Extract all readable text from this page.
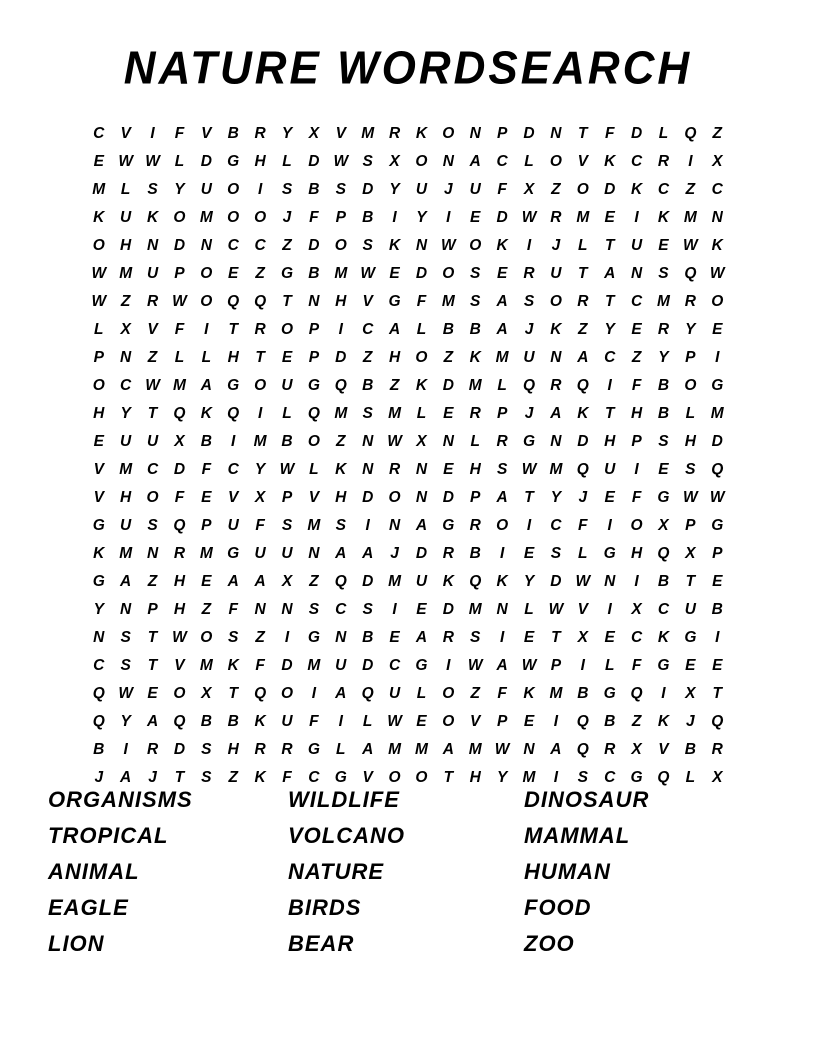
NATURE WORDSEARCH
C	V	I	F	V	B	R	Y	X	V M R	K O N	P	D	N	T	F	D	L	Q	Z
E W W L	D G H	L	D W S	X	O N	A	C	L	O	V	K	C	R	I	X
M	L	S	Y	U O	I	S	B	S	D	Y	U	J	U	F	X	Z	O D	K	C	Z	C
K	U	K O M O O	J	F	P	B	I	Y	I	E	D W R M E	I	K M N
O H	N	D	N	C	C	Z	D O	S	K	N W O K	I	J	L	T	U	E W K
W M U	P	O	E	Z	G B M W E	D O	S	E	R	U	T	A	N	S	Q W
W Z	R W O Q Q	T	N	H	V	G	F	M S	A	S	O R	T	C M R O
L	X	V	F	I	T	R O	P	I	C	A	L	B	B	A	J	K	Z	Y	E	R	Y	E
P	N	Z	L	L	H	T	E	P	D	Z	H O	Z	K M U	N	A	C	Z	Y	P	I
O C W M A G O U G Q B	Z	K	D M	L	Q R Q	I	F	B O G
H	Y	T	Q K Q	I	L	Q M S M	L	E	R	P	J	A	K	T	H	B	L	M
E	U	U	X	B	I	M B O	Z	N W X	N	L	R G N	D	H	P	S	H	D
V M C	D	F	C	Y W L	K	N	R	N	E	H	S W M Q U	I	E	S	Q
V	H O	F	E	V	X	P	V	H	D O N	D	P	A	T	Y	J	E	F	G W W
G U	S	Q	P	U	F	S M S	I	N	A G R O	I	C	F	I	O	X	P	G
K M N	R M G U	U	N	A	A	J	D	R	B	I	E	S	L	G H Q	X	P
G A	Z	H	E	A	A	X	Z	Q D M U	K Q K	Y	D W N	I	B	T	E
Y	N	P	H	Z	F	N	N	S	C	S	I	E	D M N	L W V	I	X	C	U	B
N	S	T W O	S	Z	I	G N	B	E	A	R	S	I	E	T	X	E	C	K G	I
C	S	T	V M K	F	D M U	D	C G	I	W A W P	I	L	F	G	E	E
Q W E	O	X	T	Q O	I	A Q U	L	O	Z	F	K M B G Q	I	X	T
Q	Y	A Q B	B	K	U	F	I	L W E	O	V	P	E	I	Q B	Z	K	J	Q
B	I	R	D	S	H	R	R G	L	A M M A M W N	A Q R	X	V	B	R
J	A	J	T	S	Z	K	F	C G	V	O O	T	H	Y M	I	S	C G Q	L	X
ORGANISMS
TROPICAL
ANIMAL
EAGLE
LION
WILDLIFE
VOLCANO
NATURE
BIRDS
BEAR
DINOSAUR
MAMMAL
HUMAN
FOOD
ZOO
